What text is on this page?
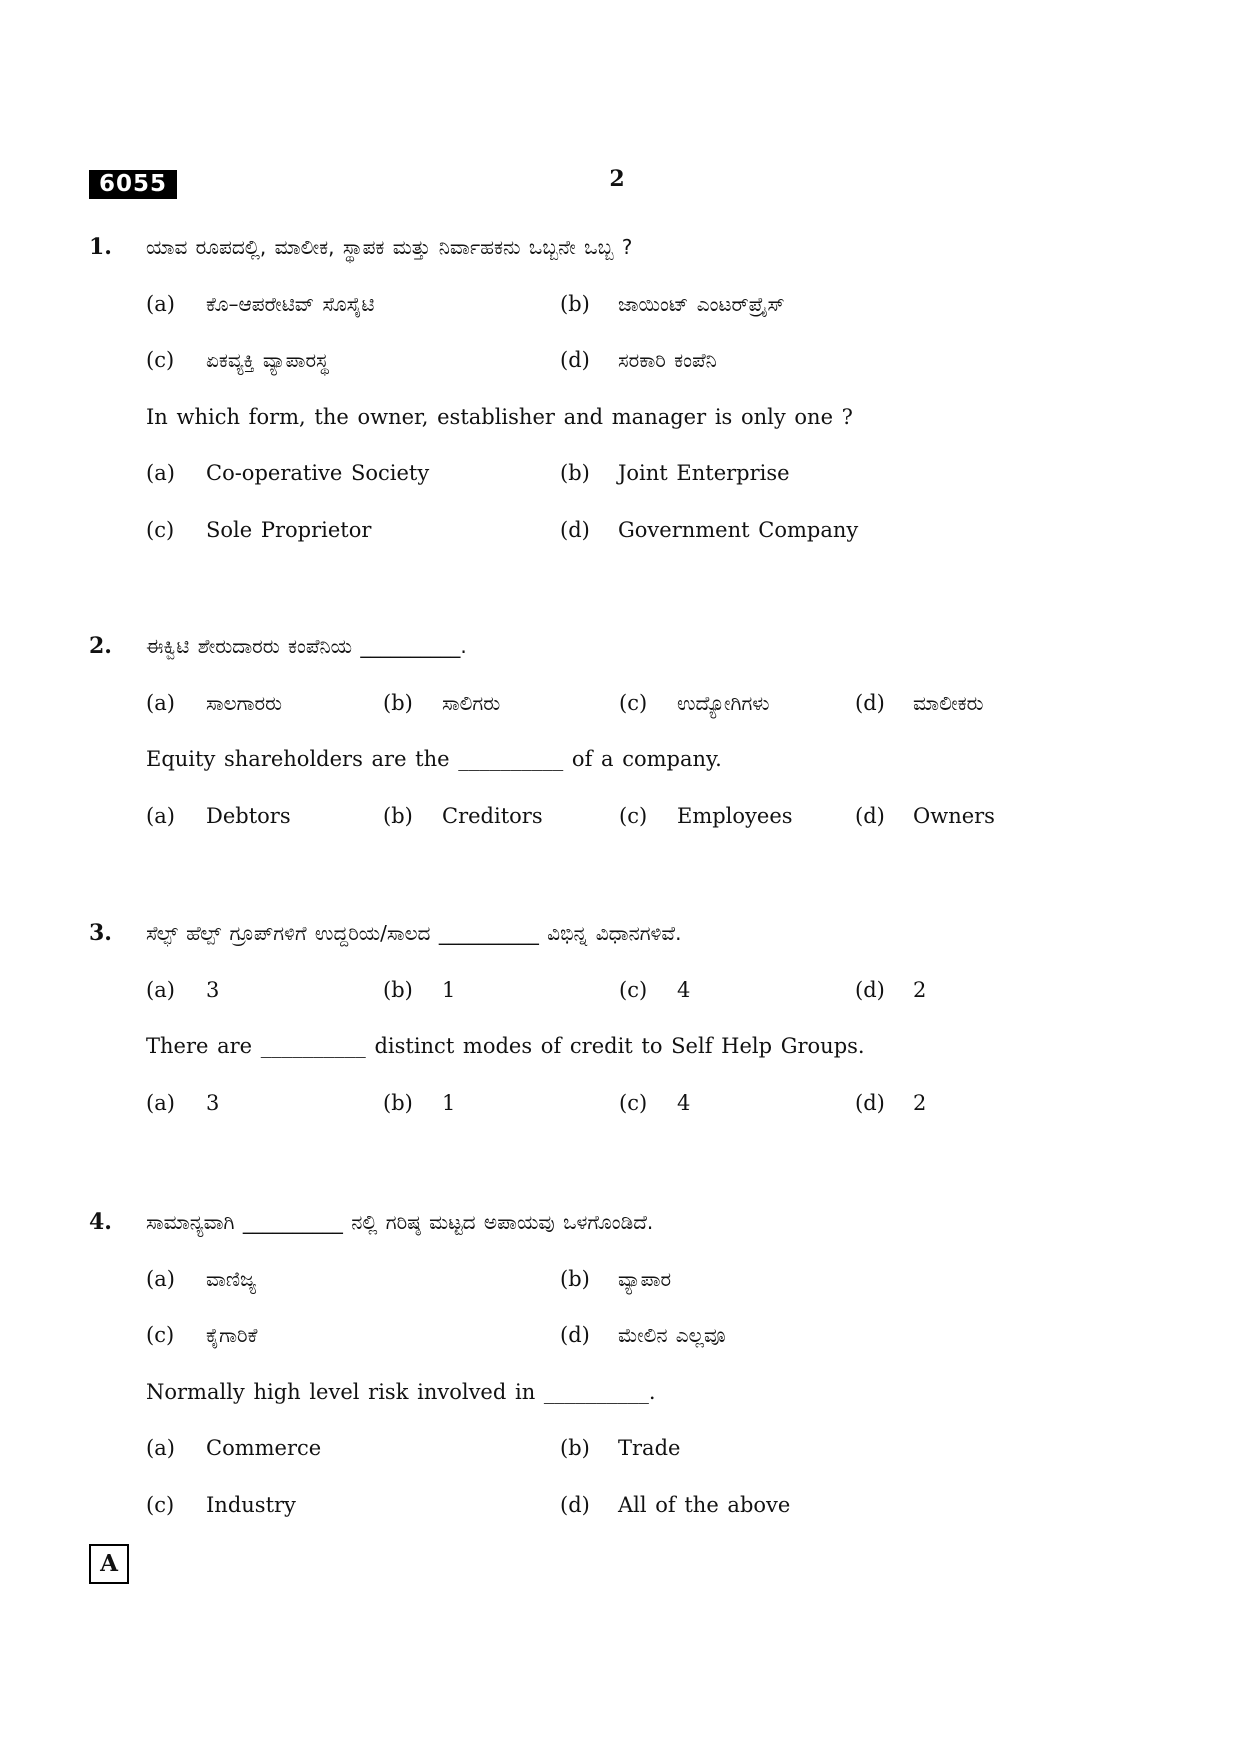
6055	2
1. ಯಾವ ರೂಪದಲ್ಲಿ, ಮಾಲೀಕ, ಸ್ಥಾಪಕ ಮತ್ತು ನಿರ್ವಾಹಕನು ಒಬ್ಬನೇ ಒಬ್ಬ ?
(a) ಕೊ–ಆಪರೇಟಿವ್ ಸೊಸೈಟಿ	(b) ಜಾಯಿಂಟ್ ಎಂಟರ್‌ಪ್ರೈಸ್
(c) ಏಕವ್ಯಕ್ತಿ ವ್ಯಾಪಾರಸ್ಥ	(d) ಸರಕಾರಿ ಕಂಪೆನಿ
In which form, the owner, establisher and manager is only one ?
(a) Co-operative Society	(b) Joint Enterprise
(c) Sole Proprietor	(d) Government Company
2. ಈಕ್ವಿಟಿ ಶೇರುದಾರರು ಕಂಪೆನಿಯ __________.
(a) ಸಾಲಗಾರರು	(b) ಸಾಲಿಗರು	(c) ಉದ್ಯೋಗಿಗಳು	(d) ಮಾಲೀಕರು
Equity shareholders are the __________ of a company.
(a) Debtors	(b) Creditors	(c) Employees	(d) Owners
3. ಸೆಲ್ಫ್ ಹೆಲ್ಪ್ ಗ್ರೂಪ್‌ಗಳಿಗೆ ಉದ್ದರಿಯ/ಸಾಲದ __________ ವಿಭಿನ್ನ ವಿಧಾನಗಳಿವೆ.
(a) 3	(b) 1	(c) 4	(d) 2
There are __________ distinct modes of credit to Self Help Groups.
(a) 3	(b) 1	(c) 4	(d) 2
4. ಸಾಮಾನ್ಯವಾಗಿ __________ ನಲ್ಲಿ ಗರಿಷ್ಠ ಮಟ್ಟದ ಅಪಾಯವು ಒಳಗೊಂಡಿದೆ.
(a) ವಾಣಿಜ್ಯ	(b) ವ್ಯಾಪಾರ
(c) ಕೈಗಾರಿಕೆ	(d) ಮೇಲಿನ ಎಲ್ಲವೂ
Normally high level risk involved in __________.
(a) Commerce	(b) Trade
(c) Industry	(d) All of the above
A
